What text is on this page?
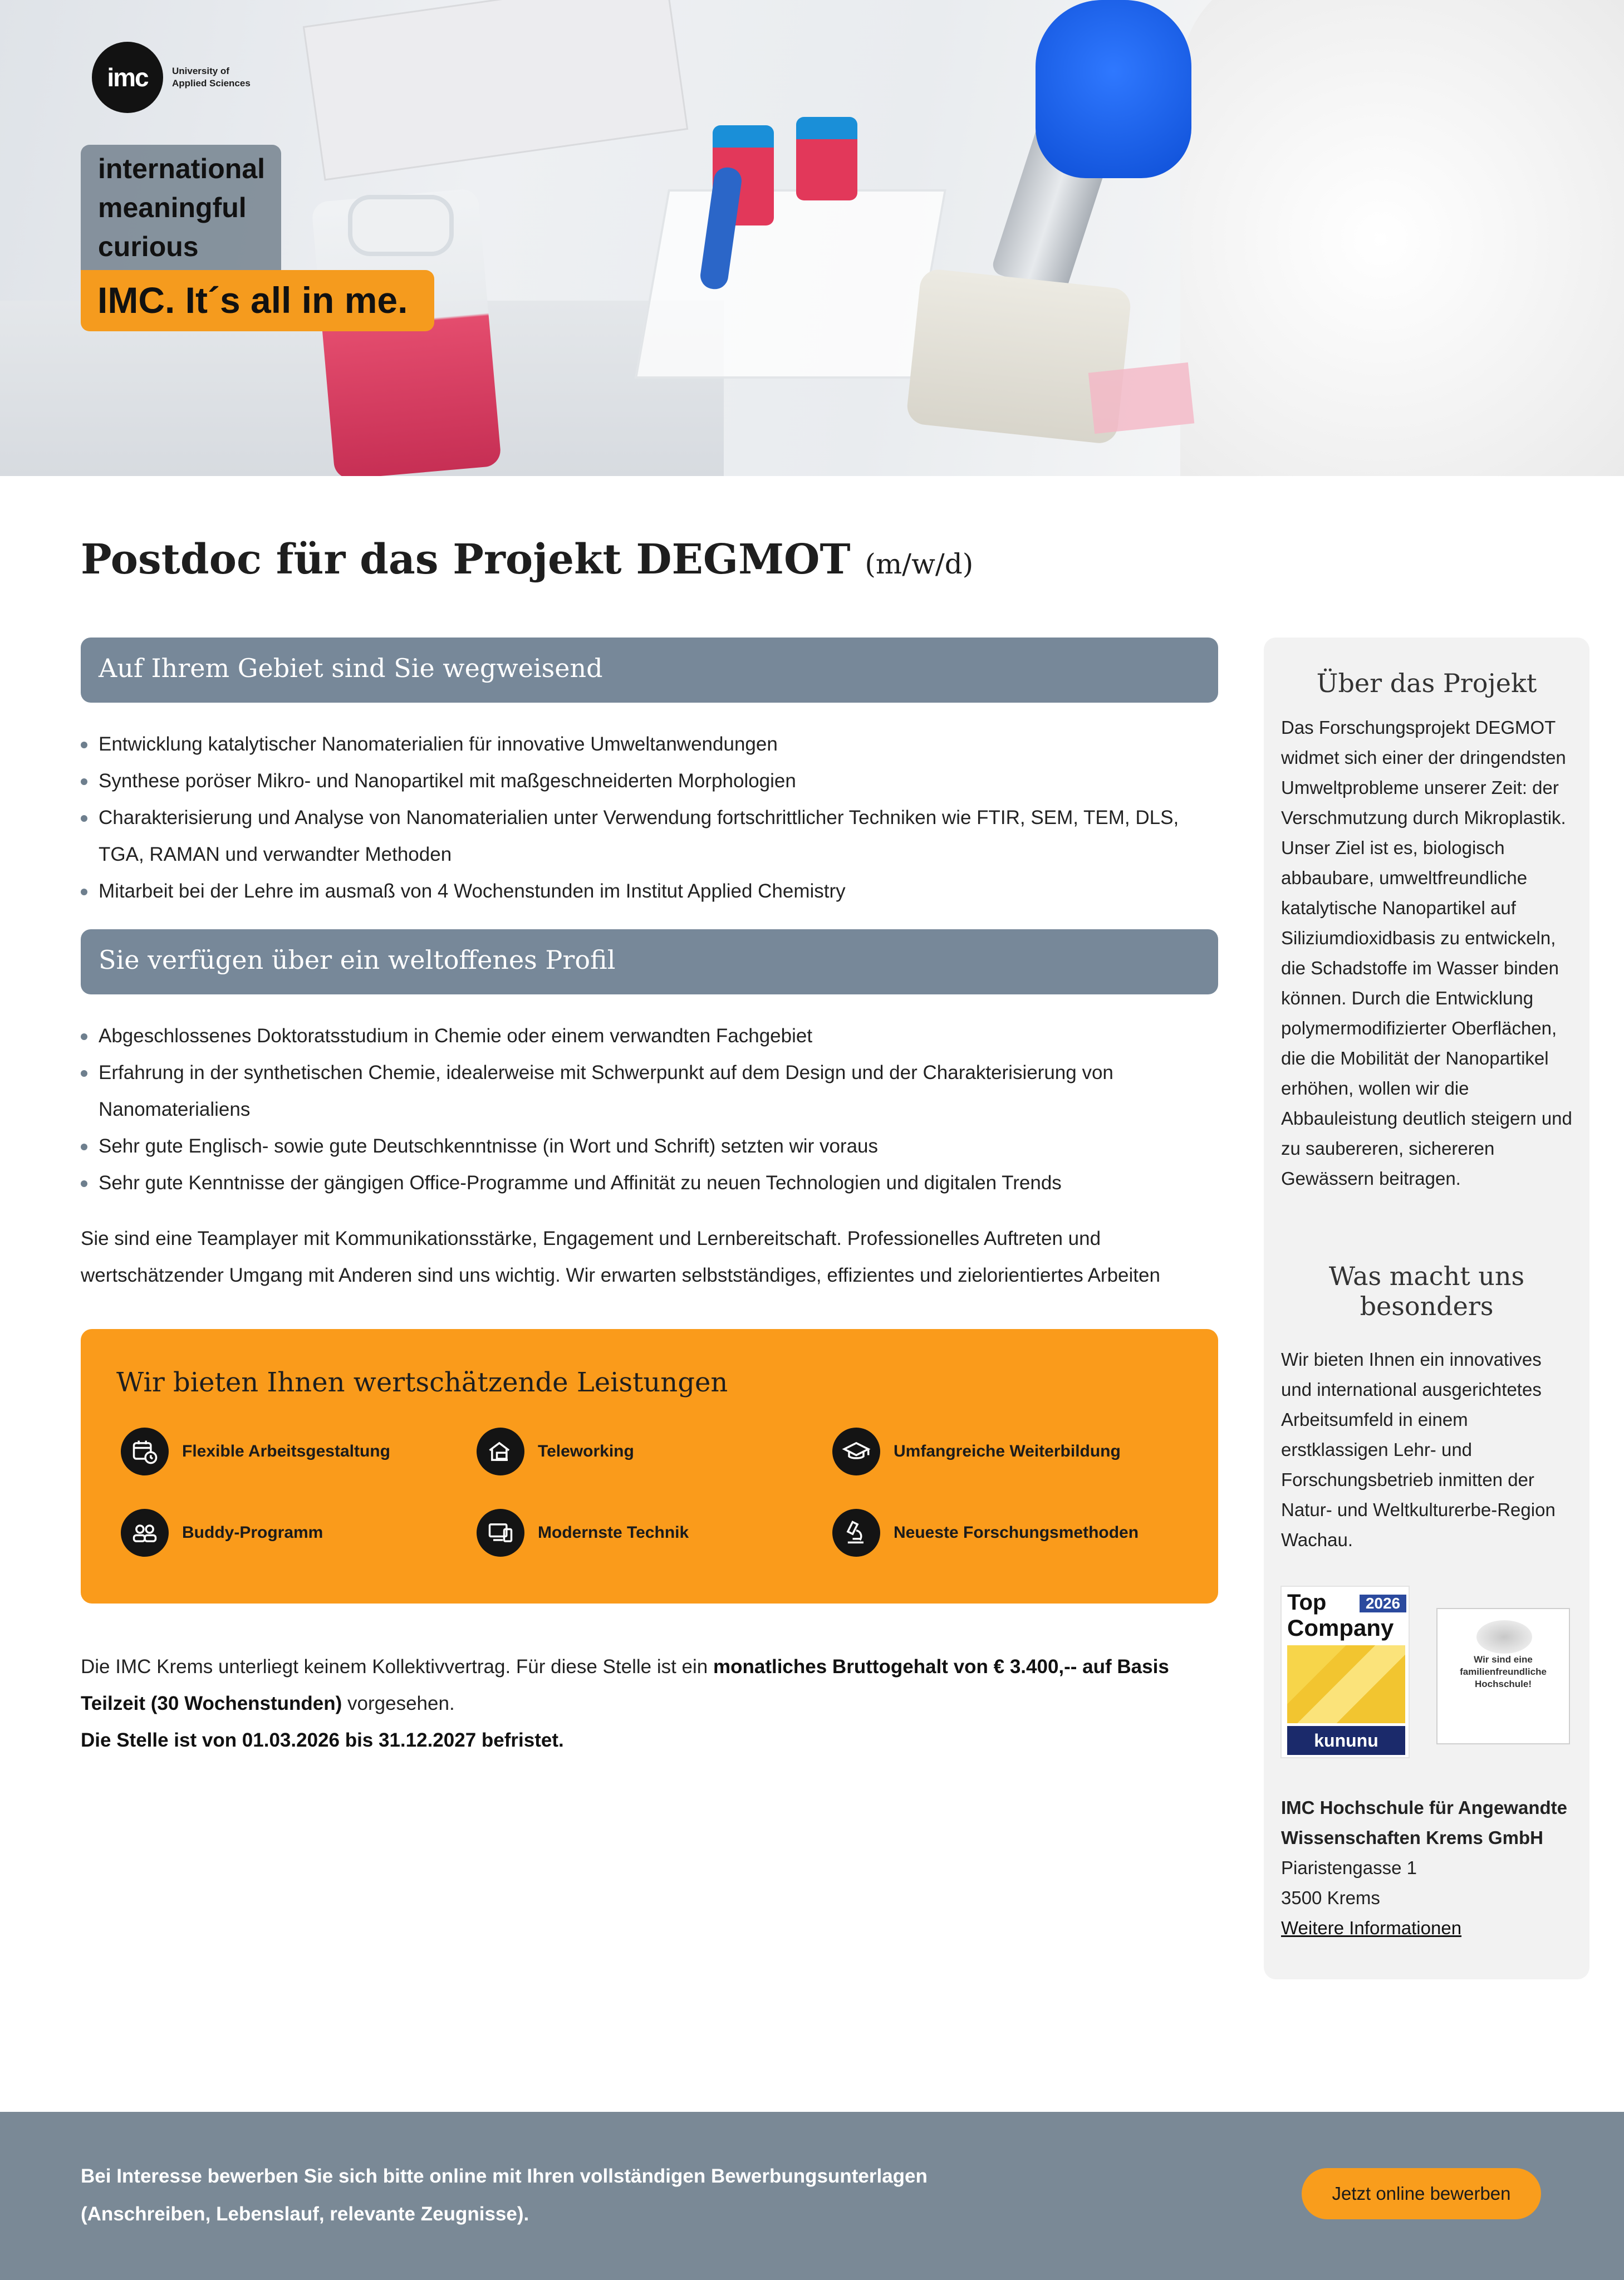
imc	University of
Applied Sciences
international
meaningful
curious
IMC. It´s all in me.
Postdoc für das Projekt DEGMOT (m/w/d)
Auf Ihrem Gebiet sind Sie wegweisend
Entwicklung katalytischer Nanomaterialien für innovative Umweltanwendungen
Synthese poröser Mikro- und Nanopartikel mit maßgeschneiderten Morphologien
Charakterisierung und Analyse von Nanomaterialien unter Verwendung fortschrittlicher Techniken wie FTIR, SEM, TEM, DLS, TGA, RAMAN und verwandter Methoden
Mitarbeit bei der Lehre im ausmaß von 4 Wochenstunden im Institut Applied Chemistry
Sie verfügen über ein weltoffenes Profil
Abgeschlossenes Doktoratsstudium in Chemie oder einem verwandten Fachgebiet
Erfahrung in der synthetischen Chemie, idealerweise mit Schwerpunkt auf dem Design und der Charakterisierung von Nanomaterialiens
Sehr gute Englisch- sowie gute Deutschkenntnisse (in Wort und Schrift) setzten wir voraus
Sehr gute Kenntnisse der gängigen Office-Programme und Affinität zu neuen Technologien und digitalen Trends

Sie sind eine Teamplayer mit Kommunikationsstärke, Engagement und Lernbereitschaft. Professionelles Auftreten und wertschätzender Umgang mit Anderen sind uns wichtig. Wir erwarten selbstständiges, effizientes und zielorientiertes Arbeiten

Wir bieten Ihnen wertschätzende Leistungen
Flexible Arbeitsgestaltung	Teleworking	Umfangreiche Weiterbildung
Buddy-Programm	Modernste Technik	Neueste Forschungsmethoden
Die IMC Krems unterliegt keinem Kollektivvertrag. Für diese Stelle ist ein monatliches Bruttogehalt von € 3.400,-- auf Basis Teilzeit (30 Wochenstunden) vorgesehen.
Die Stelle ist von 01.03.2026 bis 31.12.2027 befristet.
Über das Projekt

Das Forschungsprojekt DEGMOT widmet sich einer der dringendsten Umweltprobleme unserer Zeit: der Verschmutzung durch Mikroplastik. Unser Ziel ist es, biologisch abbaubare, umweltfreundliche katalytische Nanopartikel auf Siliziumdioxidbasis zu entwickeln, die Schadstoffe im Wasser binden können. Durch die Entwicklung polymermodifizierter Oberflächen, die die Mobilität der Nanopartikel erhöhen, wollen wir die Abbauleistung deutlich steigern und zu saubereren, sichereren Gewässern beitragen.

Was macht uns besonders

Wir bieten Ihnen ein innovatives und international ausgerichtetes Arbeitsumfeld in einem erstklassigen Lehr- und Forschungsbetrieb inmitten der Natur- und Weltkulturerbe-Region Wachau.

Top	2026
Company
kununu
Wir sind eine familienfreundliche Hochschule!
IMC Hochschule für Angewandte Wissenschaften Krems GmbH
Piaristengasse 1
3500 Krems
Weitere Informationen

Bei Interesse bewerben Sie sich bitte online mit Ihren vollständigen Bewerbungsunterlagen (Anschreiben, Lebenslauf, relevante Zeugnisse).

Jetzt online bewerben
